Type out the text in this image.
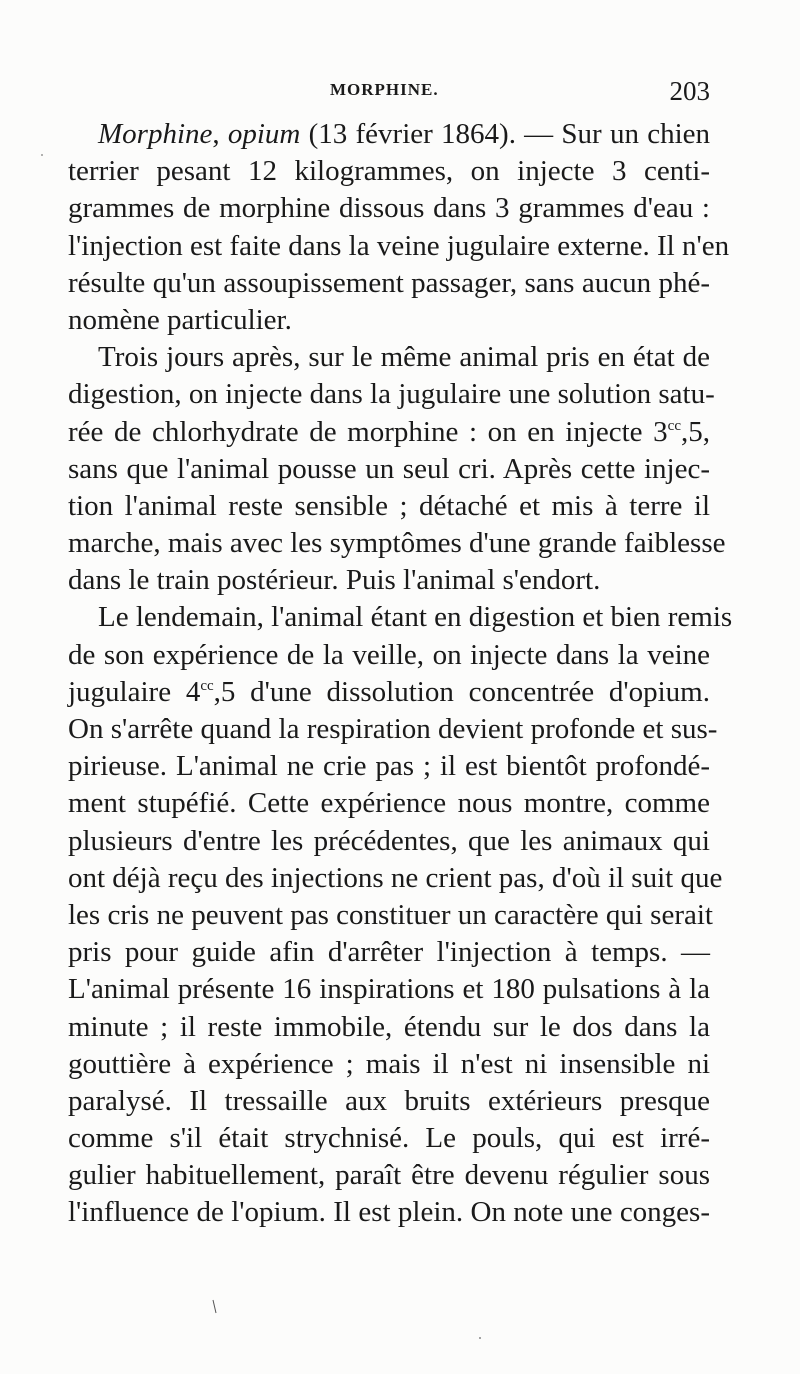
MORPHINE.	203
Morphine, opium (13 février 1864). — Sur un chien
terrier pesant 12 kilogrammes, on injecte 3 centi-
grammes de morphine dissous dans 3 grammes d'eau :
l'injection est faite dans la veine jugulaire externe. Il n'en
résulte qu'un assoupissement passager, sans aucun phé-
nomène particulier.
Trois jours après, sur le même animal pris en état de
digestion, on injecte dans la jugulaire une solution satu-
rée de chlorhydrate de morphine : on en injecte $3^{cc},5$,
sans que l'animal pousse un seul cri. Après cette injec-
tion l'animal reste sensible ; détaché et mis à terre il
marche, mais avec les symptômes d'une grande faiblesse
dans le train postérieur. Puis l'animal s'endort.
Le lendemain, l'animal étant en digestion et bien remis
de son expérience de la veille, on injecte dans la veine
jugulaire $4^{cc},5$ d'une dissolution concentrée d'opium.
On s'arrête quand la respiration devient profonde et sus-
pirieuse. L'animal ne crie pas ; il est bientôt profondé-
ment stupéfié. Cette expérience nous montre, comme
plusieurs d'entre les précédentes, que les animaux qui
ont déjà reçu des injections ne crient pas, d'où il suit que
les cris ne peuvent pas constituer un caractère qui serait
pris pour guide afin d'arrêter l'injection à temps. —
L'animal présente 16 inspirations et 180 pulsations à la
minute ; il reste immobile, étendu sur le dos dans la
gouttière à expérience ; mais il n'est ni insensible ni
paralysé. Il tressaille aux bruits extérieurs presque
comme s'il était strychnisé. Le pouls, qui est irré-
gulier habituellement, paraît être devenu régulier sous
l'influence de l'opium. Il est plein. On note une conges-
